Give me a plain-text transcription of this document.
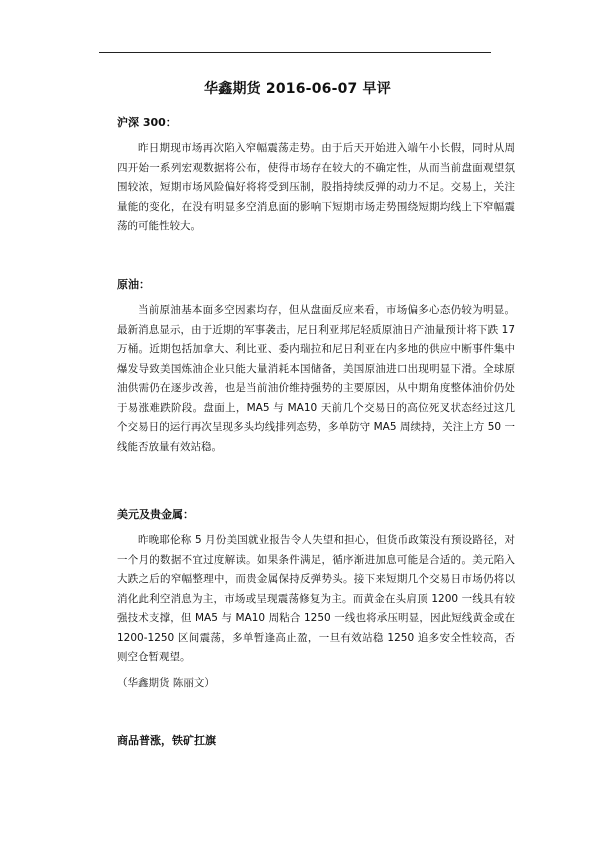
华鑫期货 2016-06-07 早评
沪深 300：

昨日期现市场再次陷入窄幅震荡走势。由于后天开始进入端午小长假，同时从周四开始一系列宏观数据将公布，使得市场存在较大的不确定性，从而当前盘面观望氛围较浓，短期市场风险偏好将将受到压制，股指持续反弹的动力不足。交易上，关注量能的变化，在没有明显多空消息面的影响下短期市场走势围绕短期均线上下窄幅震荡的可能性较大。

原油：

当前原油基本面多空因素均存，但从盘面反应来看，市场偏多心态仍较为明显。最新消息显示，由于近期的军事袭击，尼日利亚邦尼轻质原油日产油量预计将下跌 17 万桶。近期包括加拿大、利比亚、委内瑞拉和尼日利亚在内多地的供应中断事件集中爆发导致美国炼油企业只能大量消耗本国储备，美国原油进口出现明显下滑。全球原油供需仍在逐步改善，也是当前油价维持强势的主要原因，从中期角度整体油价仍处于易涨难跌阶段。盘面上，MA5 与 MA10 天前几个交易日的高位死叉状态经过这几个交易日的运行再次呈现多头均线排列态势，多单防守 MA5 周续持，关注上方 50 一线能否放量有效站稳。

美元及贵金属：

昨晚耶伦称 5 月份美国就业报告令人失望和担心，但货币政策没有预设路径，对一个月的数据不宜过度解读。如果条件满足，循序渐进加息可能是合适的。美元陷入大跌之后的窄幅整理中，而贵金属保持反弹势头。接下来短期几个交易日市场仍将以消化此利空消息为主，市场或呈现震荡修复为主。而黄金在头肩顶 1200 一线具有较强技术支撑，但 MA5 与 MA10 周粘合 1250 一线也将承压明显，因此短线黄金或在 1200-1250 区间震荡，多单暂逢高止盈，一旦有效站稳 1250 追多安全性较高，否则空仓暂观望。

（华鑫期货 陈丽文）
商品普涨，铁矿扛旗
